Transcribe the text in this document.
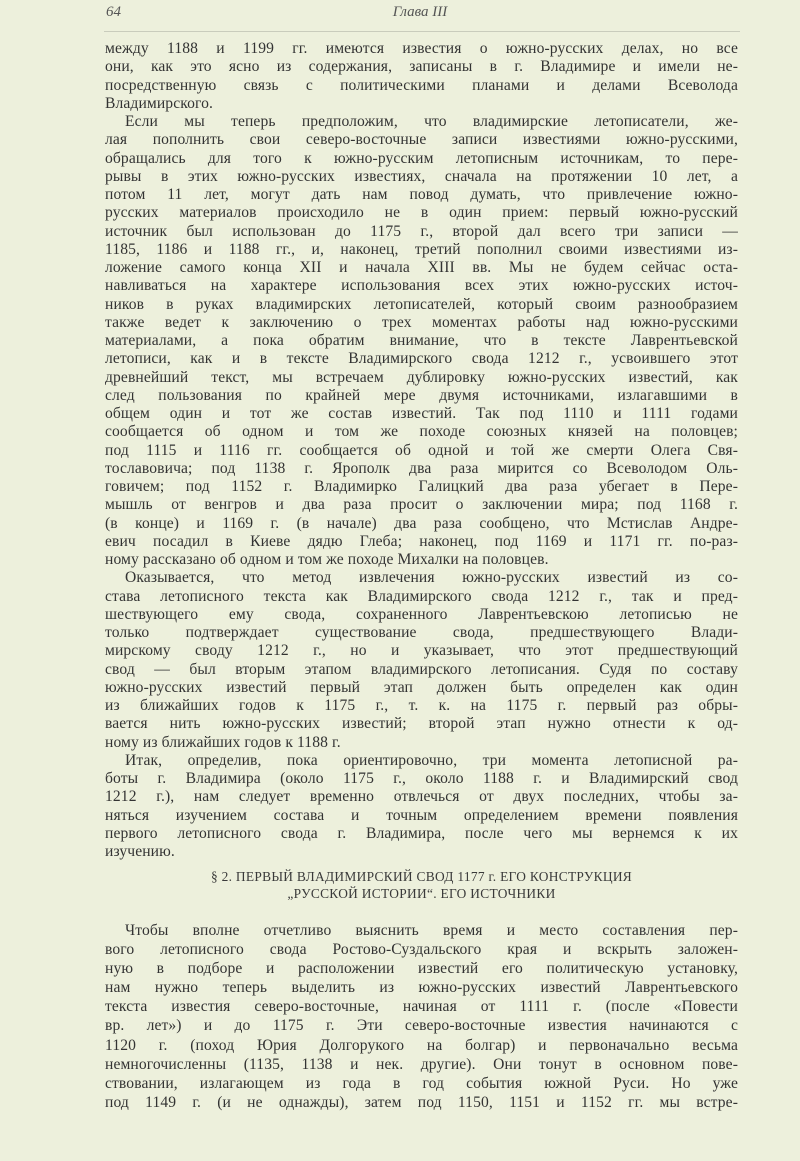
64	Глава III
между 1188 и 1199 гг. имеются известия о южно-русских делах, но все
они, как это ясно из содержания, записаны в г. Владимире и имели не-
посредственную связь с политическими планами и делами Всеволода
Владимирского.
Если мы теперь предположим, что владимирские летописатели, же-
лая пополнить свои северо-восточные записи известиями южно-русскими,
обращались для того к южно-русским летописным источникам, то пере-
рывы в этих южно-русских известиях, сначала на протяжении 10 лет, а
потом 11 лет, могут дать нам повод думать, что привлечение южно-
русских материалов происходило не в один прием: первый южно-русский
источник был использован до 1175 г., второй дал всего три записи —
1185, 1186 и 1188 гг., и, наконец, третий пополнил своими известиями из-
ложение самого конца XII и начала XIII вв. Мы не будем сейчас оста-
навливаться на характере использования всех этих южно-русских источ-
ников в руках владимирских летописателей, который своим разнообразием
также ведет к заключению о трех моментах работы над южно-русскими
материалами, а пока обратим внимание, что в тексте Лаврентьевской
летописи, как и в тексте Владимирского свода 1212 г., усвоившего этот
древнейший текст, мы встречаем дублировку южно-русских известий, как
след пользования по крайней мере двумя источниками, излагавшими в
общем один и тот же состав известий. Так под 1110 и 1111 годами
сообщается об одном и том же походе союзных князей на половцев;
под 1115 и 1116 гг. сообщается об одной и той же смерти Олега Свя-
тославовича; под 1138 г. Ярополк два раза мирится со Всеволодом Оль-
говичем; под 1152 г. Владимирко Галицкий два раза убегает в Пере-
мышль от венгров и два раза просит о заключении мира; под 1168 г.
(в конце) и 1169 г. (в начале) два раза сообщено, что Мстислав Андре-
евич посадил в Киеве дядю Глеба; наконец, под 1169 и 1171 гг. по-раз-
ному рассказано об одном и том же походе Михалки на половцев.
Оказывается, что метод извлечения южно-русских известий из со-
става летописного текста как Владимирского свода 1212 г., так и пред-
шествующего ему свода, сохраненного Лаврентьевскою летописью не
только подтверждает существование свода, предшествующего Влади-
мирскому своду 1212 г., но и указывает, что этот предшествующий
свод — был вторым этапом владимирского летописания. Судя по составу
южно-русских известий первый этап должен быть определен как один
из ближайших годов к 1175 г., т. к. на 1175 г. первый раз обры-
вается нить южно-русских известий; второй этап нужно отнести к од-
ному из ближайших годов к 1188 г.
Итак, определив, пока ориентировочно, три момента летописной ра-
боты г. Владимира (около 1175 г., около 1188 г. и Владимирский свод
1212 г.), нам следует временно отвлечься от двух последних, чтобы за-
няться изучением состава и точным определением времени появления
первого летописного свода г. Владимира, после чего мы вернемся к их
изучению.
§ 2. ПЕРВЫЙ ВЛАДИМИРСКИЙ СВОД 1177 г. ЕГО КОНСТРУКЦИЯ
„РУССКОЙ ИСТОРИИ“. ЕГО ИСТОЧНИКИ
Чтобы вполне отчетливо выяснить время и место составления пер-
вого летописного свода Ростово-Суздальского края и вскрыть заложен-
ную в подборе и расположении известий его политическую установку,
нам нужно теперь выделить из южно-русских известий Лаврентьевского
текста известия северо-восточные, начиная от 1111 г. (после «Повести
вр. лет») и до 1175 г. Эти северо-восточные известия начинаются с
1120 г. (поход Юрия Долгорукого на болгар) и первоначально весьма
немногочисленны (1135, 1138 и нек. другие). Они тонут в основном пове-
ствовании, излагающем из года в год события южной Руси. Но уже
под 1149 г. (и не однажды), затем под 1150, 1151 и 1152 гг. мы встре-
